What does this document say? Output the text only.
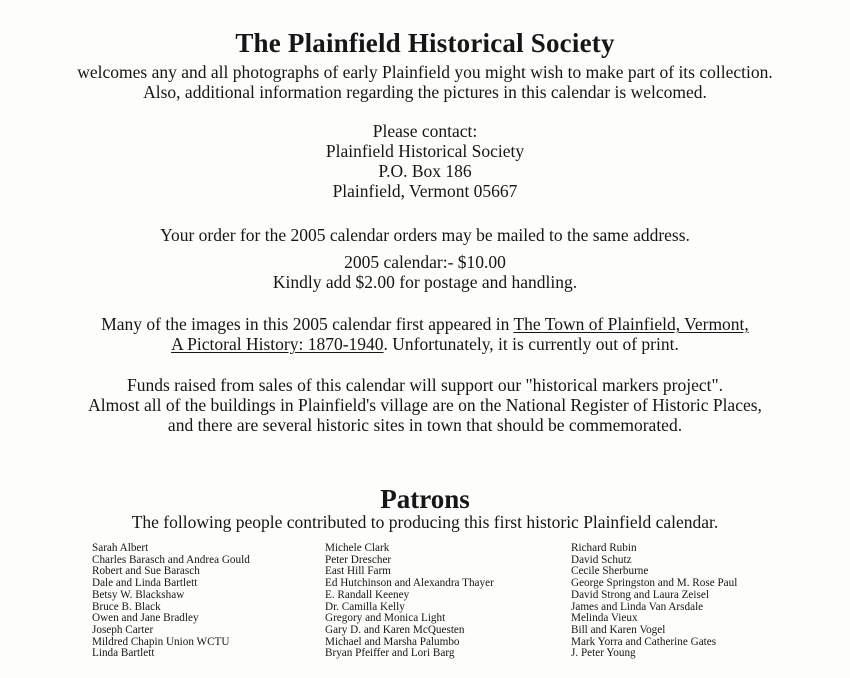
The Plainfield Historical Society
welcomes any and all photographs of early Plainfield you might wish to make part of its collection.
Also, additional information regarding the pictures in this calendar is welcomed.
Please contact:
Plainfield Historical Society
P.O. Box 186
Plainfield, Vermont 05667
Your order for the 2005 calendar orders may be mailed to the same address.
2005 calendar:- $10.00
Kindly add $2.00 for postage and handling.
Many of the images in this 2005 calendar first appeared in The Town of Plainfield, Vermont,
A Pictoral History: 1870-1940. Unfortunately, it is currently out of print.
Funds raised from sales of this calendar will support our "historical markers project".
Almost all of the buildings in Plainfield's village are on the National Register of Historic Places,
and there are several historic sites in town that should be commemorated.
Patrons
The following people contributed to producing this first historic Plainfield calendar.
Sarah Albert
Charles Barasch and Andrea Gould
Robert and Sue Barasch
Dale and Linda Bartlett
Betsy W. Blackshaw
Bruce B. Black
Owen and Jane Bradley
Joseph Carter
Mildred Chapin Union WCTU
Linda Bartlett
Michele Clark
Peter Drescher
East Hill Farm
Ed Hutchinson and Alexandra Thayer
E. Randall Keeney
Dr. Camilla Kelly
Gregory and Monica Light
Gary D. and Karen McQuesten
Michael and Marsha Palumbo
Bryan Pfeiffer and Lori Barg
Richard Rubin
David Schutz
Cecile Sherburne
George Springston and M. Rose Paul
David Strong and Laura Zeisel
James and Linda Van Arsdale
Melinda Vieux
Bill and Karen Vogel
Mark Yorra and Catherine Gates
J. Peter Young
